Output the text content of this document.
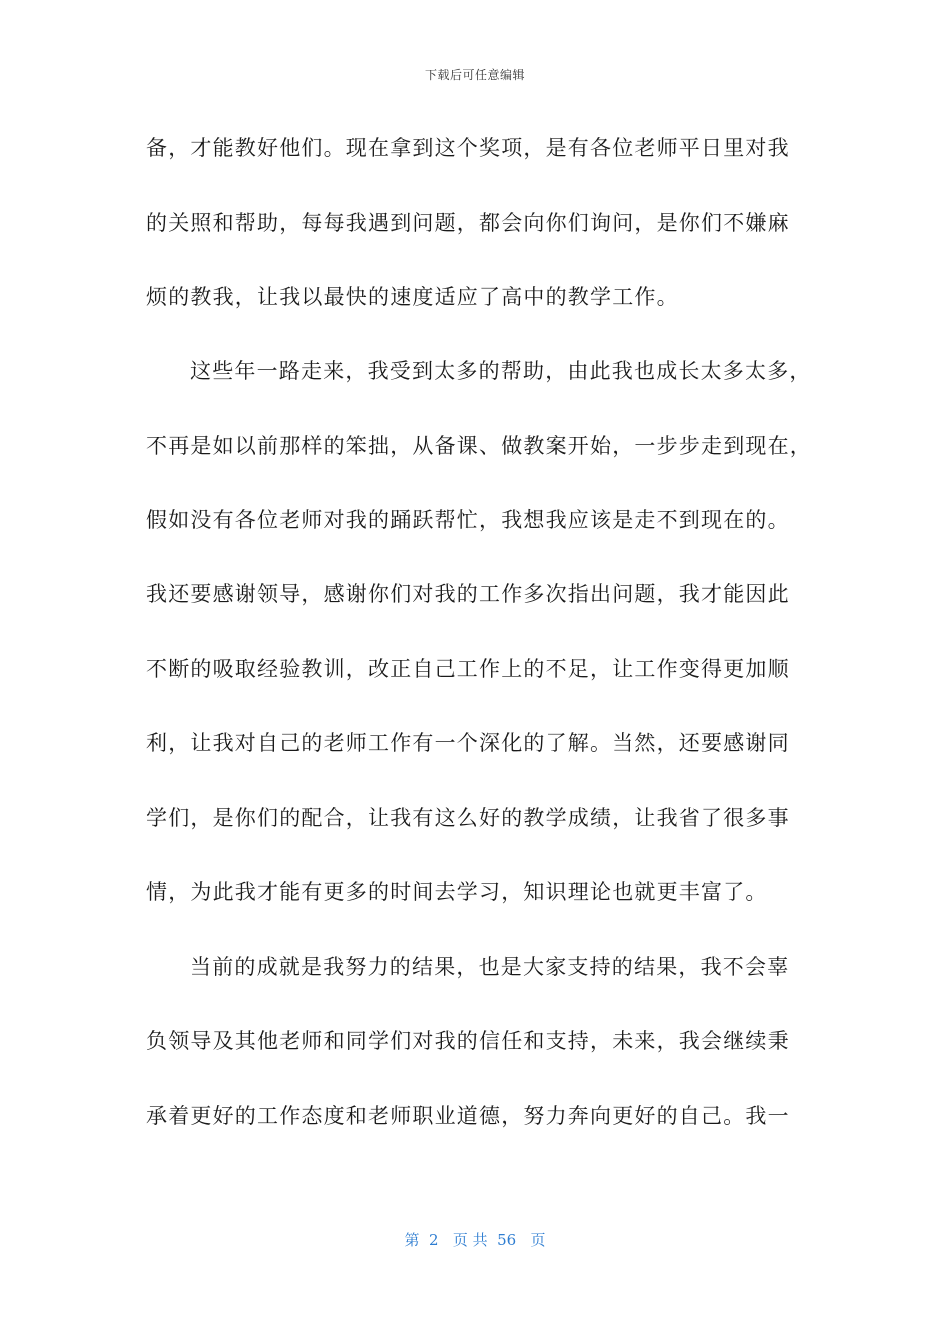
下载后可任意编辑
备，才能教好他们。现在拿到这个奖项，是有各位老师平日里对我
的关照和帮助，每每我遇到问题，都会向你们询问，是你们不嫌麻
烦的教我，让我以最快的速度适应了高中的教学工作。
这些年一路走来，我受到太多的帮助，由此我也成长太多太多，
不再是如以前那样的笨拙，从备课、做教案开始，一步步走到现在，
假如没有各位老师对我的踊跃帮忙，我想我应该是走不到现在的。
我还要感谢领导，感谢你们对我的工作多次指出问题，我才能因此
不断的吸取经验教训，改正自己工作上的不足，让工作变得更加顺
利，让我对自己的老师工作有一个深化的了解。当然，还要感谢同
学们，是你们的配合，让我有这么好的教学成绩，让我省了很多事
情，为此我才能有更多的时间去学习，知识理论也就更丰富了。
当前的成就是我努力的结果，也是大家支持的结果，我不会辜
负领导及其他老师和同学们对我的信任和支持，未来，我会继续秉
承着更好的工作态度和老师职业道德，努力奔向更好的自己。我一
第  2   页 共  56   页
